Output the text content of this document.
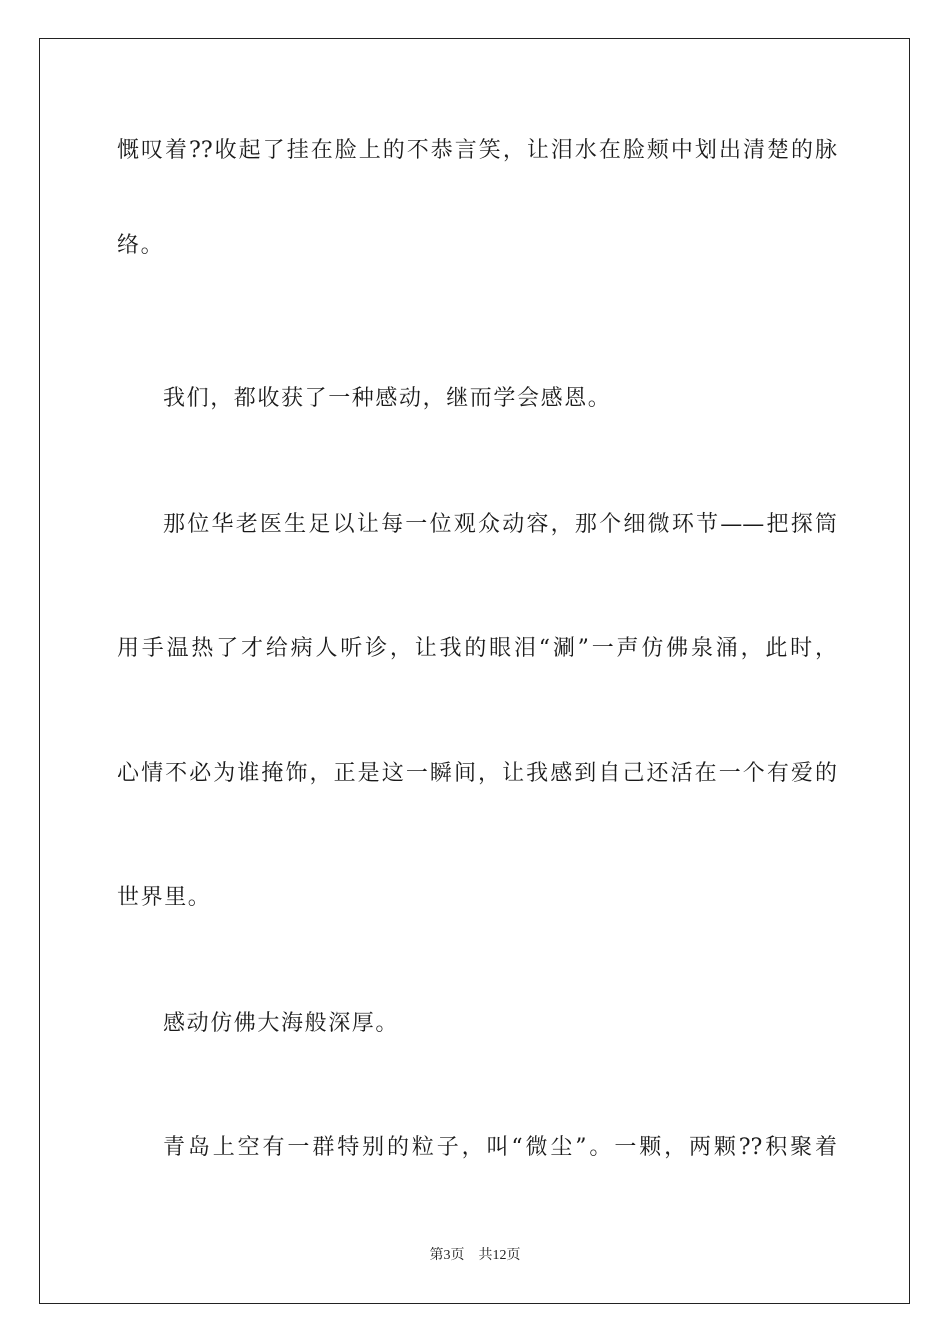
慨叹着??收起了挂在脸上的不恭言笑，让泪水在脸颊中划出清楚的脉
络。
我们，都收获了一种感动，继而学会感恩。
那位华老医生足以让每一位观众动容，那个细微环节——把探筒
用手温热了才给病人听诊，让我的眼泪“涮”一声仿佛泉涌，此时，
心情不必为谁掩饰，正是这一瞬间，让我感到自己还活在一个有爱的
世界里。
感动仿佛大海般深厚。
青岛上空有一群特别的粒子，叫“微尘”。一颗，两颗??积聚着
第3页 共12页
